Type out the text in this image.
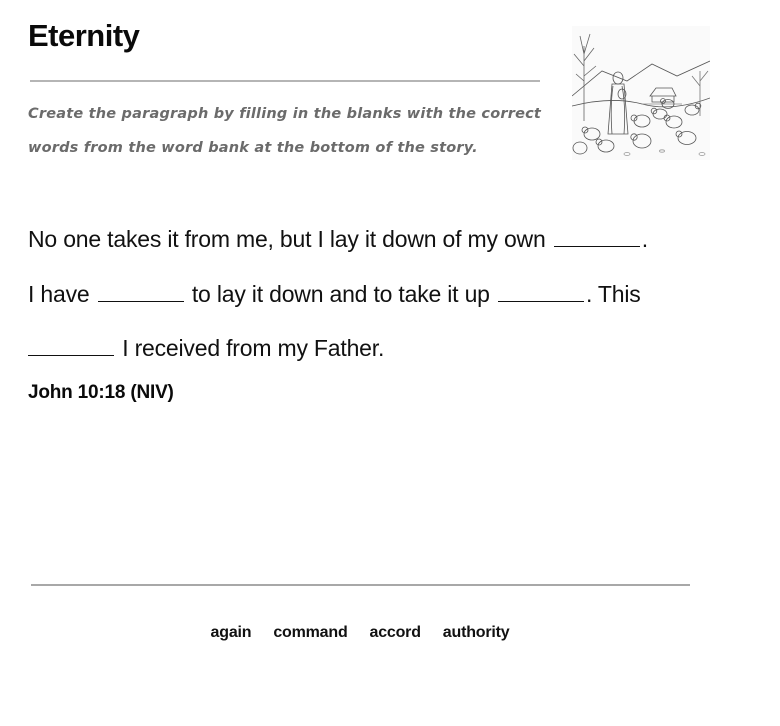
Eternity
Create the paragraph by filling in the blanks with the correct words from the word bank at the bottom of the story.
No one takes it from me, but I lay it down of my own	.
I have	to lay it down and to take it up	. This
I received from my Father.
John 10:18 (NIV)
again command accord authority
